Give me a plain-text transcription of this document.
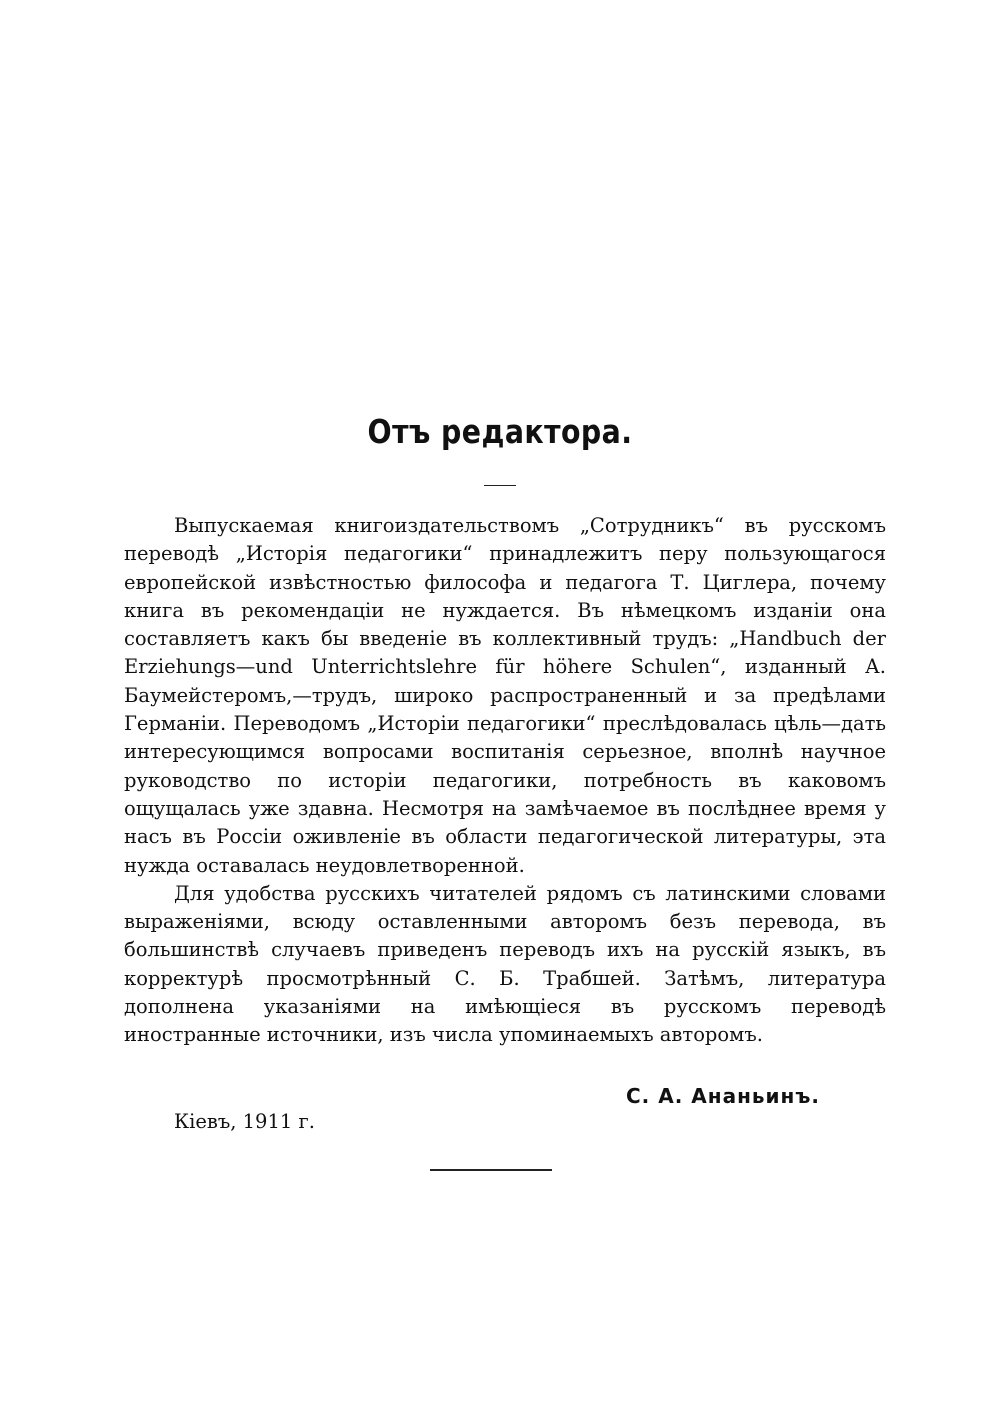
Отъ редактора.

Выпускаемая книгоиздательствомъ „Сотрудникъ“ въ русскомъ переводѣ „Исторія педагогики“ принадлежитъ перу пользующагося европейской извѣстностью философа и педагога Т. Циглера, почему книга въ рекомендаціи не нуждается. Въ нѣмецкомъ изданіи она составляетъ какъ бы введеніе въ коллективный трудъ: „Handbuch der Erziehungs—und Unterrichtslehre für höhere Schulen“, изданный А. Баумейстеромъ,—трудъ, широко распространенный и за предѣлами Германіи. Переводомъ „Исторіи педагогики“ преслѣдовалась цѣль—дать интересующимся вопросами воспитанія серьезное, вполнѣ научное руководство по исторіи педагогики, потребность въ каковомъ ощущалась уже здавна. Несмотря на замѣчаемое въ послѣднее время у насъ въ Россіи оживленіе въ области педагогической литературы, эта нужда оставалась неудовлетворенной.

Для удобства русскихъ читателей рядомъ съ латинскими словами выраженіями, всюду оставленными авторомъ безъ перевода, въ большинствѣ случаевъ приведенъ переводъ ихъ на русскій языкъ, въ корректурѣ просмотрѣнный С. Б. Трабшей. Затѣмъ, литература дополнена указаніями на имѣющіеся въ русскомъ переводѣ иностранные источники, изъ числа упоминаемыхъ авторомъ.

С. А. Ананьинъ.
Кіевъ, 1911 г.
